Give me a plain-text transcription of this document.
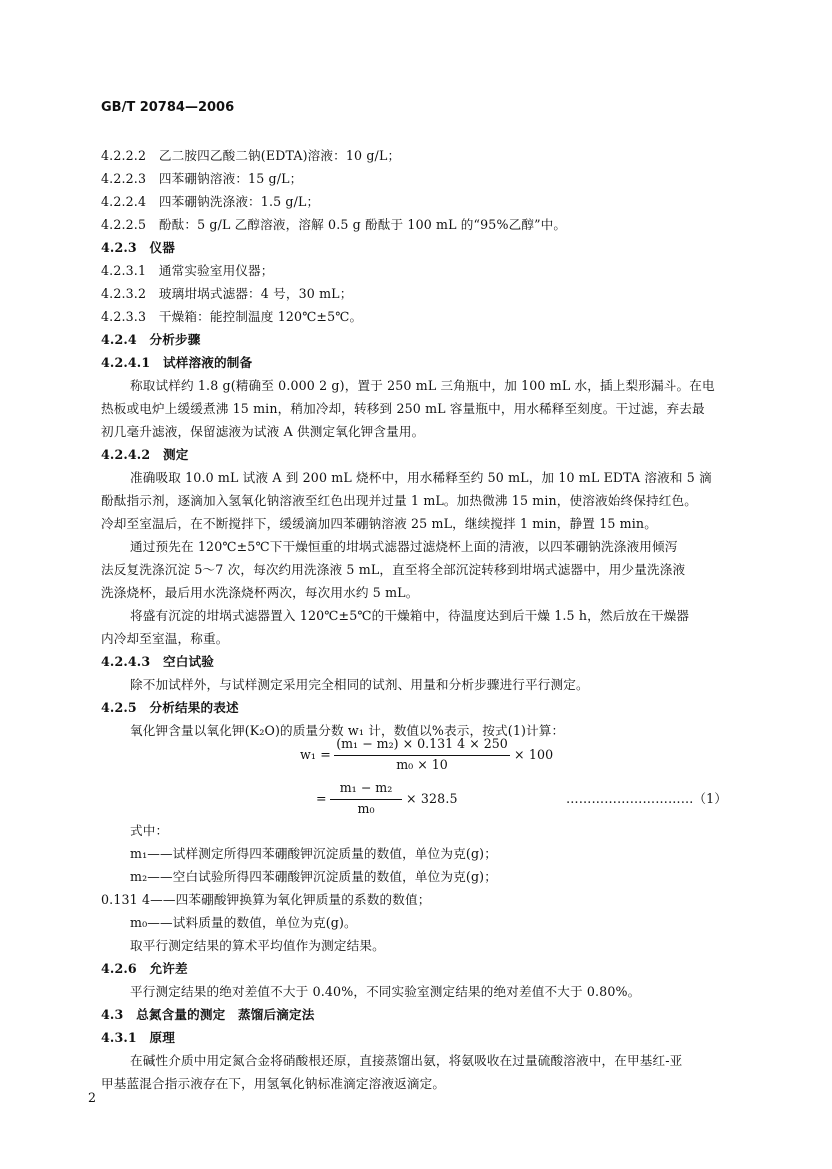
GB/T 20784—2006
4.2.2.2　乙二胺四乙酸二钠(EDTA)溶液：10 g/L；
4.2.2.3　四苯硼钠溶液：15 g/L；
4.2.2.4　四苯硼钠洗涤液：1.5 g/L；
4.2.2.5　酚酞：5 g/L 乙醇溶液，溶解 0.5 g 酚酞于 100 mL 的“95%乙醇”中。
4.2.3　仪器
4.2.3.1　通常实验室用仪器；
4.2.3.2　玻璃坩埚式滤器：4 号，30 mL；
4.2.3.3　干燥箱：能控制温度 120℃±5℃。
4.2.4　分析步骤
4.2.4.1　试样溶液的制备
称取试样约 1.8 g(精确至 0.000 2 g)，置于 250 mL 三角瓶中，加 100 mL 水，插上梨形漏斗。在电
热板或电炉上缓缓煮沸 15 min，稍加冷却，转移到 250 mL 容量瓶中，用水稀释至刻度。干过滤，弃去最
初几毫升滤液，保留滤液为试液 A 供测定氧化钾含量用。
4.2.4.2　测定
准确吸取 10.0 mL 试液 A 到 200 mL 烧杯中，用水稀释至约 50 mL，加 10 mL EDTA 溶液和 5 滴
酚酞指示剂，逐滴加入氢氧化钠溶液至红色出现并过量 1 mL。加热微沸 15 min，使溶液始终保持红色。
冷却至室温后，在不断搅拌下，缓缓滴加四苯硼钠溶液 25 mL，继续搅拌 1 min，静置 15 min。
通过预先在 120℃±5℃下干燥恒重的坩埚式滤器过滤烧杯上面的清液，以四苯硼钠洗涤液用倾泻
法反复洗涤沉淀 5～7 次，每次约用洗涤液 5 mL，直至将全部沉淀转移到坩埚式滤器中，用少量洗涤液
洗涤烧杯，最后用水洗涤烧杯两次，每次用水约 5 mL。
将盛有沉淀的坩埚式滤器置入 120℃±5℃的干燥箱中，待温度达到后干燥 1.5 h，然后放在干燥器
内冷却至室温，称重。
4.2.4.3　空白试验
除不加试样外，与试样测定采用完全相同的试剂、用量和分析步骤进行平行测定。
4.2.5　分析结果的表述
氧化钾含量以氧化钾(K₂O)的质量分数 w₁ 计，数值以%表示，按式(1)计算：
式中：
m₁——试样测定所得四苯硼酸钾沉淀质量的数值，单位为克(g)；
m₂——空白试验所得四苯硼酸钾沉淀质量的数值，单位为克(g)；
0.131 4——四苯硼酸钾换算为氧化钾质量的系数的数值；
m₀——试料质量的数值，单位为克(g)。
取平行测定结果的算术平均值作为测定结果。
4.2.6　允许差
平行测定结果的绝对差值不大于 0.40%，不同实验室测定结果的绝对差值不大于 0.80%。
4.3　总氮含量的测定　蒸馏后滴定法
4.3.1　原理
在碱性介质中用定氮合金将硝酸根还原，直接蒸馏出氨，将氨吸收在过量硫酸溶液中，在甲基红-亚
甲基蓝混合指示液存在下，用氢氧化钠标准滴定溶液返滴定。
w₁ =
(m₁ − m₂) × 0.131 4 × 250
m₀ × 10
× 100
=
m₁ − m₂
m₀
× 328.5	…………………………（1）
2
